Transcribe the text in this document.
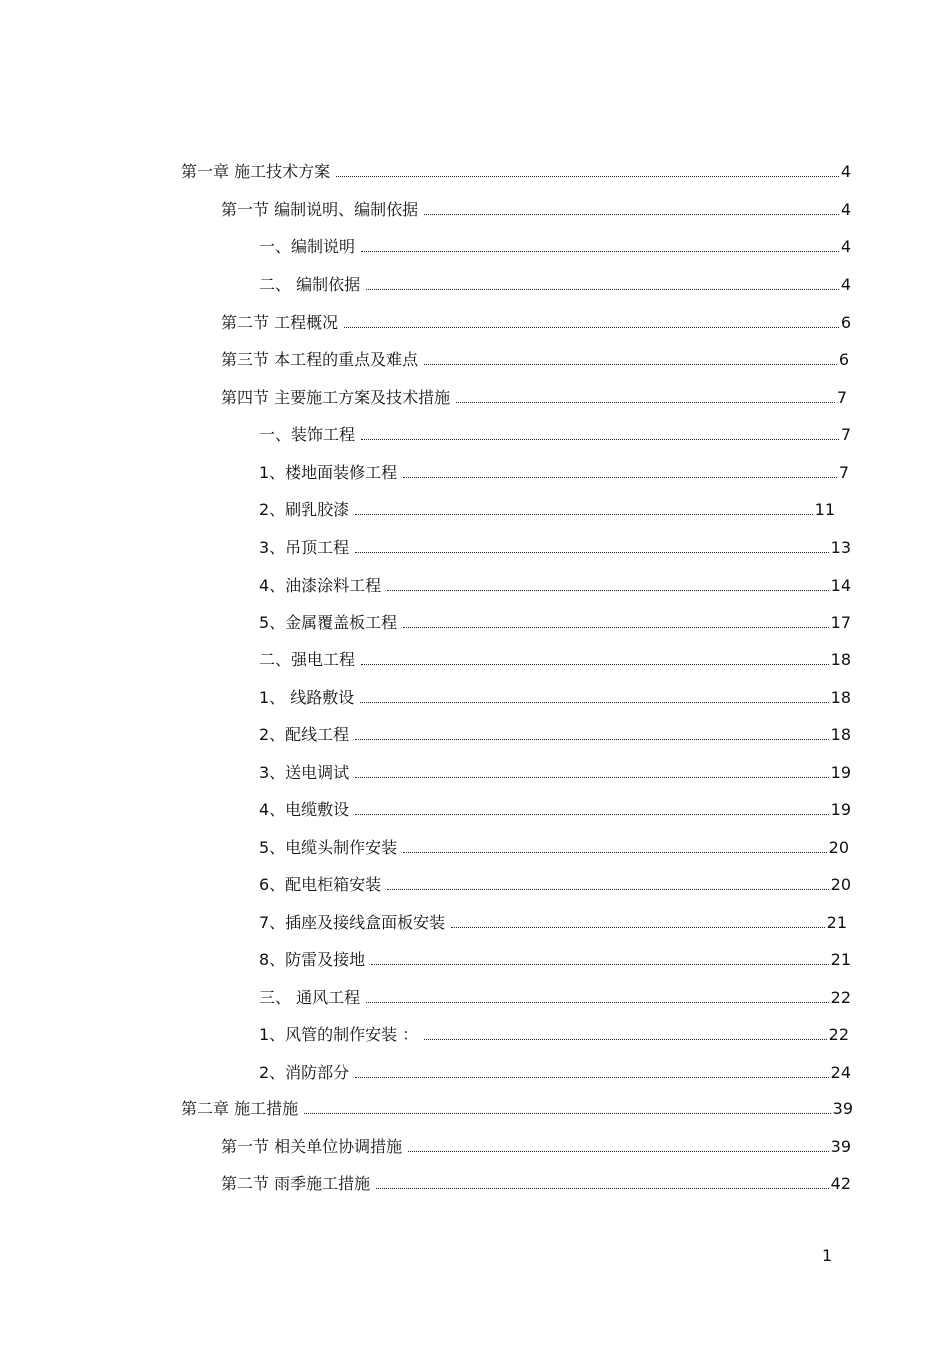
第一章 施工技术方案	4
第一节 编制说明、编制依据	4
一、编制说明	4
二、 编制依据	4
第二节 工程概况	6
第三节 本工程的重点及难点	6
第四节 主要施工方案及技术措施	7
一、装饰工程	7
1、楼地面装修工程	7
2、刷乳胶漆	11
3、吊顶工程	13
4、油漆涂料工程	14
5、金属覆盖板工程	17
二、强电工程	18
1、 线路敷设	18
2、配线工程	18
3、送电调试	19
4、电缆敷设	19
5、电缆头制作安装	20
6、配电柜箱安装	20
7、插座及接线盒面板安装	21
8、防雷及接地	21
三、 通风工程	22
1、风管的制作安装 ：	22
2、消防部分	24
第二章 施工措施	39
第一节 相关单位协调措施	39
第二节 雨季施工措施	42
1
